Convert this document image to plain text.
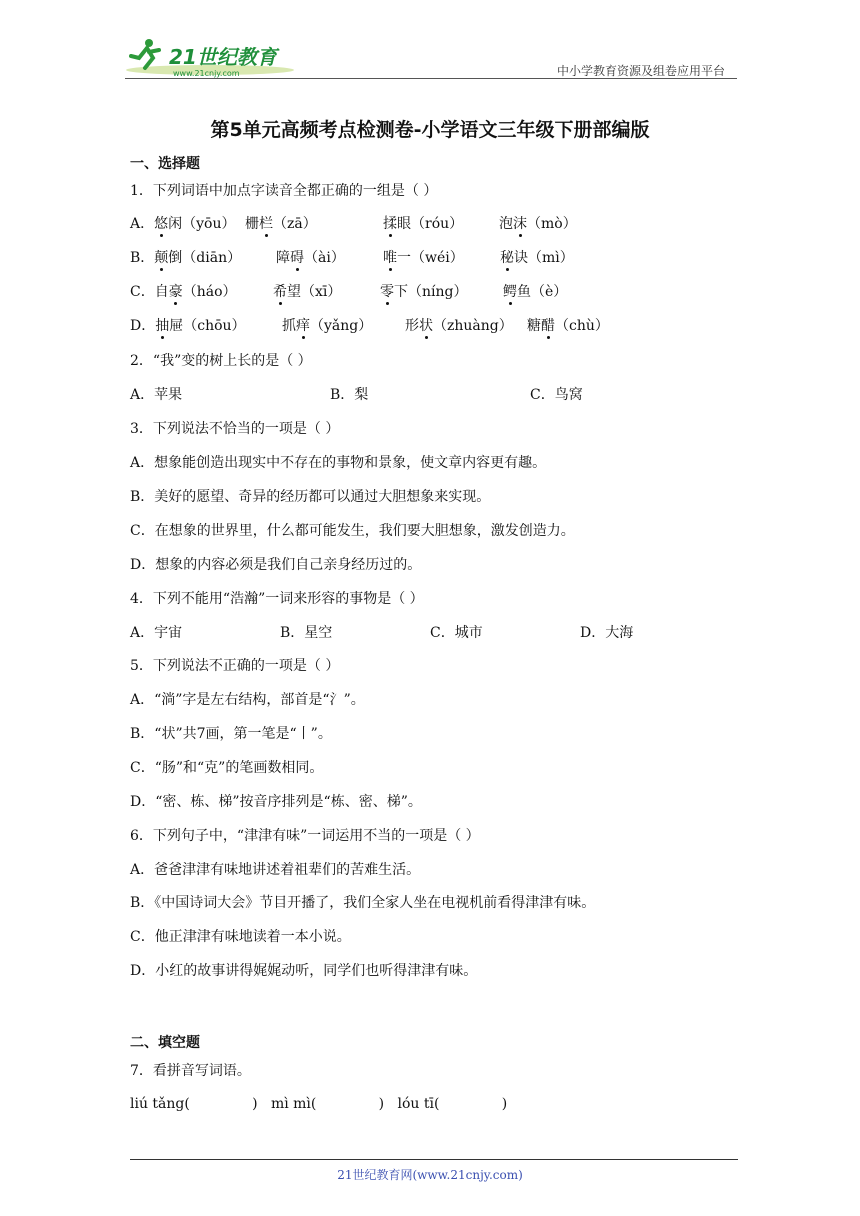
21世纪教育
www.21cnjy.com	中小学教育资源及组卷应用平台
第5单元高频考点检测卷-小学语文三年级下册部编版
一、选择题
1．下列词语中加点字读音全都正确的一组是（ ）
A．悠闲（yōu） 栅栏（zā）	揉眼（róu）	泡沫（mò）
B．颠倒（diān） 障碍（ài）	唯一（wéi）	秘诀（mì）
C．自豪（háo）	希望（xī）	零下（níng）	鳄鱼（è）
D．抽屉（chōu）	抓痒（yǎng） 形状（zhuàng） 糖醋（chù）
2．“我”变的树上长的是（ ）
A．苹果	B．梨	C．鸟窝
3．下列说法不恰当的一项是（ ）
A．想象能创造出现实中不存在的事物和景象，使文章内容更有趣。
B．美好的愿望、奇异的经历都可以通过大胆想象来实现。
C．在想象的世界里，什么都可能发生，我们要大胆想象，激发创造力。
D．想象的内容必须是我们自己亲身经历过的。
4．下列不能用“浩瀚”一词来形容的事物是（ ）
A．宇宙	B．星空	C．城市	D．大海
5．下列说法不正确的一项是（ ）
A．“淌”字是左右结构，部首是“氵”。
B．“状”共7画，第一笔是“丨”。
C．“肠”和“克”的笔画数相同。
D．“密、栋、梯”按音序排列是“栋、密、梯”。
6．下列句子中，“津津有味”一词运用不当的一项是（ ）
A．爸爸津津有味地讲述着祖辈们的苦难生活。
B．《中国诗词大会》节目开播了，我们全家人坐在电视机前看得津津有味。
C．他正津津有味地读着一本小说。
D．小红的故事讲得娓娓动听，同学们也听得津津有味。
二、填空题
7．看拼音写词语。
liú tǎng(              )   mì mì(              )   lóu tī(              )
21世纪教育网(www.21cnjy.com)
